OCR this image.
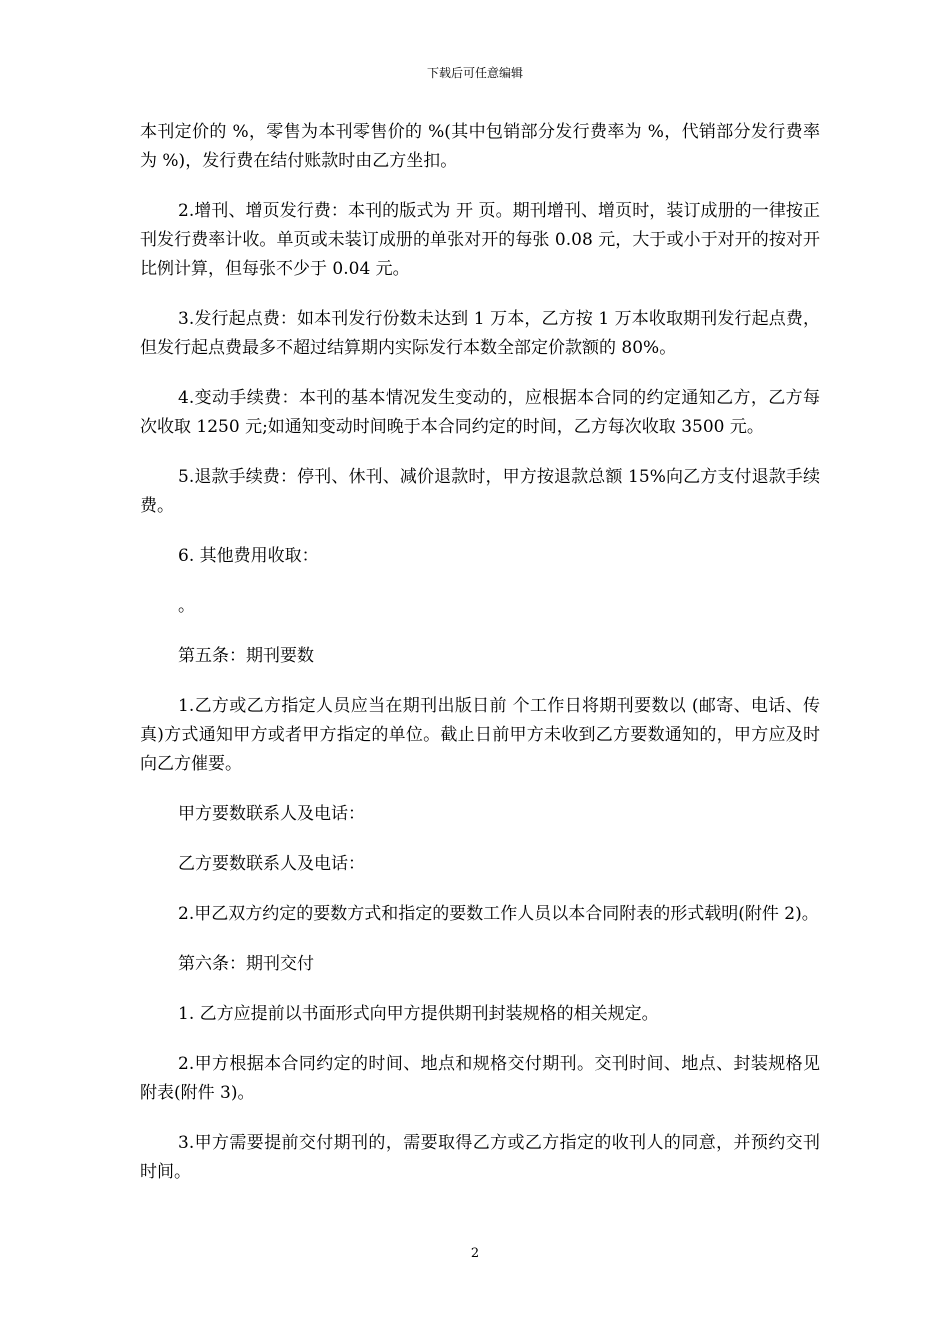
下载后可任意编辑

本刊定价的 %，零售为本刊零售价的 %(其中包销部分发行费率为 %，代销部分发行费率为 %)，发行费在结付账款时由乙方坐扣。

2.增刊、增页发行费：本刊的版式为 开 页。期刊增刊、增页时，装订成册的一律按正刊发行费率计收。单页或未装订成册的单张对开的每张 0.08 元，大于或小于对开的按对开比例计算，但每张不少于 0.04 元。

3.发行起点费：如本刊发行份数未达到 1 万本，乙方按 1 万本收取期刊发行起点费，但发行起点费最多不超过结算期内实际发行本数全部定价款额的 80%。

4.变动手续费：本刊的基本情况发生变动的，应根据本合同的约定通知乙方，乙方每次收取 1250 元;如通知变动时间晚于本合同约定的时间，乙方每次收取 3500 元。

5.退款手续费：停刊、休刊、减价退款时，甲方按退款总额 15%向乙方支付退款手续费。

6. 其他费用收取：

。

第五条：期刊要数

1.乙方或乙方指定人员应当在期刊出版日前 个工作日将期刊要数以 (邮寄、电话、传真)方式通知甲方或者甲方指定的单位。截止日前甲方未收到乙方要数通知的，甲方应及时向乙方催要。

甲方要数联系人及电话：

乙方要数联系人及电话：

2.甲乙双方约定的要数方式和指定的要数工作人员以本合同附表的形式载明(附件 2)。

第六条：期刊交付

1. 乙方应提前以书面形式向甲方提供期刊封装规格的相关规定。

2.甲方根据本合同约定的时间、地点和规格交付期刊。交刊时间、地点、封装规格见附表(附件 3)。

3.甲方需要提前交付期刊的，需要取得乙方或乙方指定的收刊人的同意，并预约交刊时间。

2
